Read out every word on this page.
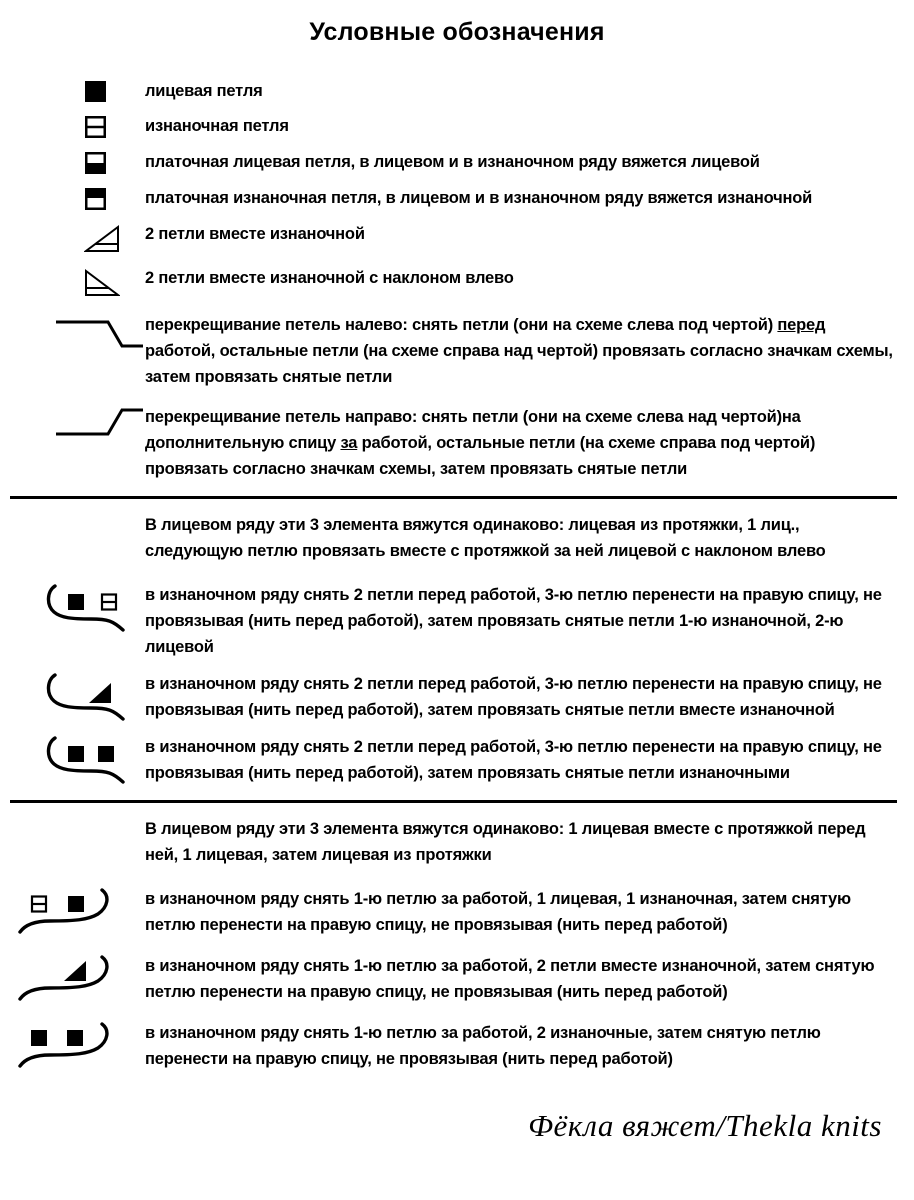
Условные обозначения
лицевая петля
изнаночная петля
платочная лицевая петля, в лицевом и в изнаночном ряду вяжется лицевой
платочная изнаночная петля, в лицевом и в изнаночном ряду вяжется изнаночной
2 петли вместе изнаночной
2 петли вместе изнаночной с наклоном влево
перекрещивание петель налево: снять петли (они на схеме слева под чертой) перед работой, остальные петли (на схеме справа над чертой) провязать согласно значкам схемы, затем провязать снятые петли
перекрещивание петель направо: снять петли (они на схеме слева над чертой)на дополнительную спицу за работой, остальные петли (на схеме справа под чертой) провязать согласно значкам схемы, затем провязать снятые петли
В лицевом ряду эти 3 элемента вяжутся одинаково: лицевая из протяжки, 1 лиц., следующую петлю провязать вместе с протяжкой за ней лицевой с наклоном влево
в изнаночном ряду снять 2 петли перед работой, 3-ю петлю перенести на правую спицу, не провязывая (нить перед работой), затем провязать снятые петли 1-ю изнаночной, 2-ю лицевой
в изнаночном ряду снять 2 петли перед работой, 3-ю петлю перенести на правую спицу, не провязывая (нить перед работой), затем провязать снятые петли вместе изнаночной
в изнаночном ряду снять 2 петли перед работой, 3-ю петлю перенести на правую спицу, не провязывая (нить перед работой), затем провязать снятые петли изнаночными
В лицевом ряду эти 3 элемента вяжутся одинаково: 1 лицевая вместе с протяжкой перед ней, 1 лицевая, затем лицевая из протяжки
в изнаночном ряду снять 1-ю петлю за работой, 1 лицевая, 1 изнаночная, затем снятую петлю перенести на правую спицу, не провязывая (нить перед работой)
в изнаночном ряду снять 1-ю петлю за работой, 2 петли вместе изнаночной, затем снятую петлю перенести на правую спицу, не провязывая (нить перед работой)
в изнаночном ряду снять 1-ю петлю за работой, 2 изнаночные, затем снятую петлю перенести на правую спицу, не провязывая (нить перед работой)
Фёкла вяжет/Thekla knits
